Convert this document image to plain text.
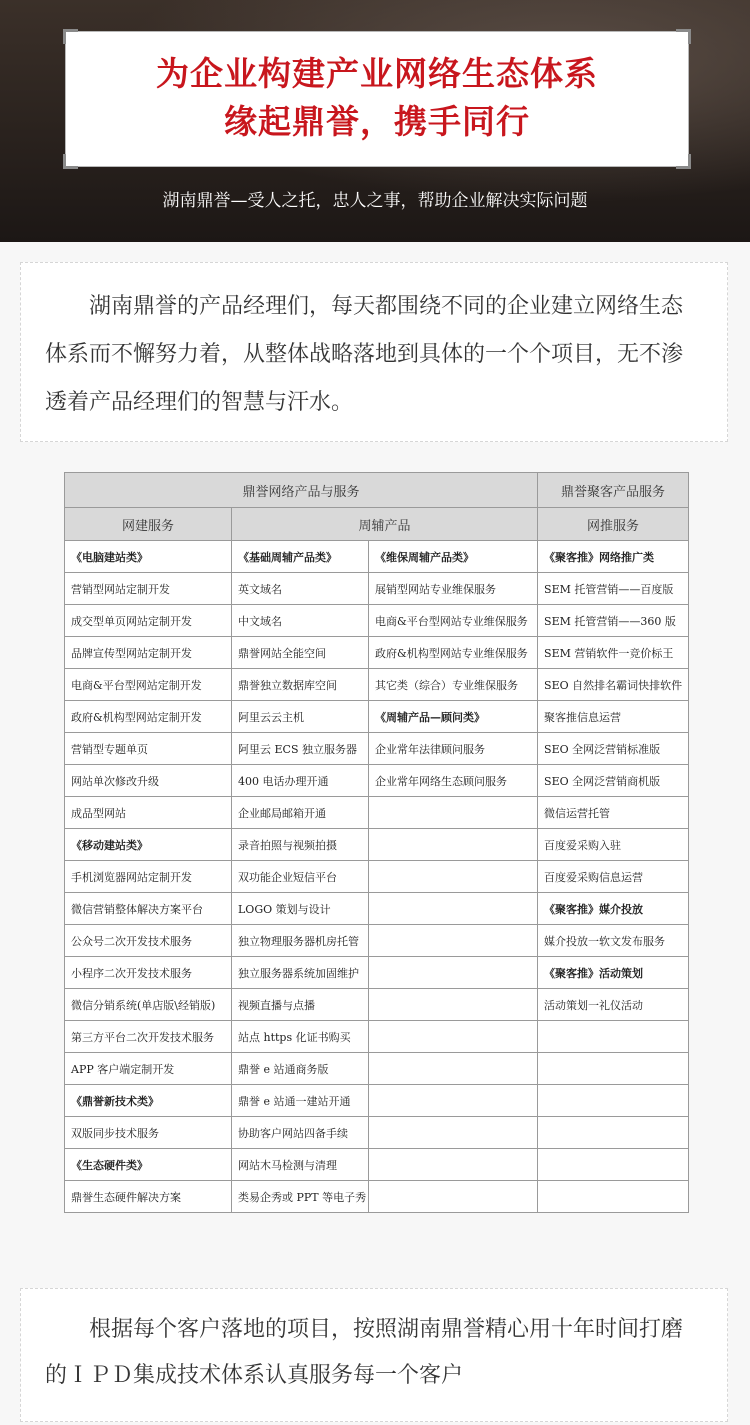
为企业构建产业网络生态体系
缘起鼎誉，携手同行
湖南鼎誉—受人之托，忠人之事，帮助企业解决实际问题
湖南鼎誉的产品经理们，每天都围绕不同的企业建立网络生态体系而不懈努力着，从整体战略落地到具体的一个个项目，无不渗透着产品经理们的智慧与汗水。
鼎誉网络产品与服务			鼎誉聚客产品服务
网建服务	周辅产品		网推服务
《电脑建站类》	《基础周辅产品类》	《维保周辅产品类》	《聚客推》网络推广类
营销型网站定制开发	英文域名	展销型网站专业维保服务	SEM 托管营销——百度版
成交型单页网站定制开发	中文域名	电商&平台型网站专业维保服务	SEM 托管营销——360 版
品牌宣传型网站定制开发	鼎誉网站全能空间	政府&机构型网站专业维保服务	SEM 营销软件一竞价标王
电商&平台型网站定制开发	鼎誉独立数据库空间	其它类（综合）专业维保服务	SEO 自然排名霸词快排软件
政府&机构型网站定制开发	阿里云云主机	《周辅产品—顾问类》	聚客推信息运营
营销型专题单页	阿里云 ECS 独立服务器	企业常年法律顾问服务	SEO 全网泛营销标准版
网站单次修改升级	400 电话办理开通	企业常年网络生态顾问服务	SEO 全网泛营销商机版
成品型网站	企业邮局邮箱开通		微信运营托管
《移动建站类》	录音拍照与视频拍摄		百度爱采购入驻
手机浏览器网站定制开发	双功能企业短信平台		百度爱采购信息运营
微信营销整体解决方案平台	LOGO 策划与设计		《聚客推》媒介投放
公众号二次开发技术服务	独立物理服务器机房托管		媒介投放一软文发布服务
小程序二次开发技术服务	独立服务器系统加固维护		《聚客推》活动策划
微信分销系统(单店版\经销版)	视频直播与点播		活动策划一礼仪活动
第三方平台二次开发技术服务	站点 https 化证书购买		
APP 客户端定制开发	鼎誉 e 站通商务版		
《鼎誉新技术类》	鼎誉 e 站通一建站开通		
双版同步技术服务	协助客户网站四备手续		
《生态硬件类》	网站木马检测与清理		
鼎誉生态硬件解决方案	类易企秀或 PPT 等电子秀		
根据每个客户落地的项目，按照湖南鼎誉精心用十年时间打磨的ＩＰＤ集成技术体系认真服务每一个客户
